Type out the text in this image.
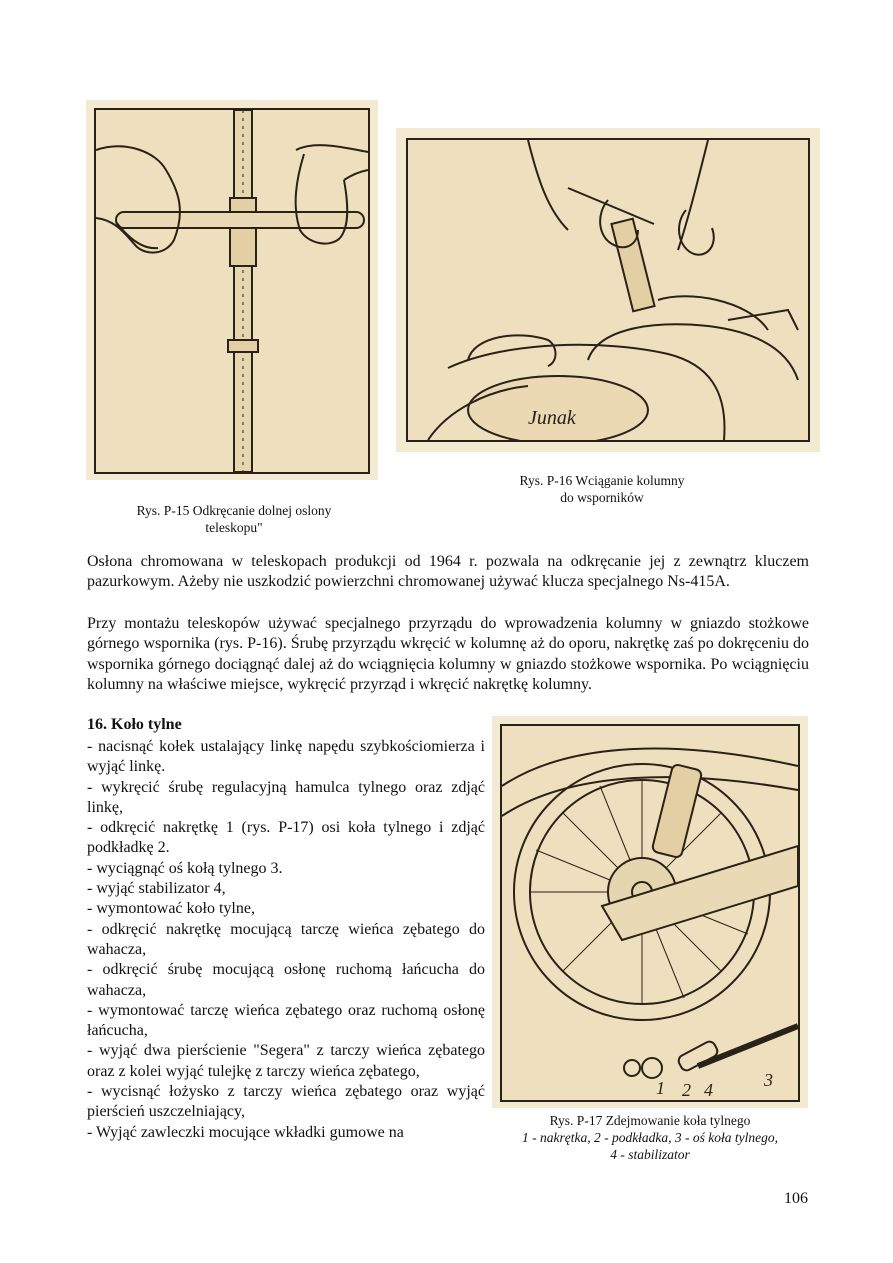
Rys. P-15 Odkręcanie dolnej oslony
teleskopu"
Junak
Rys. P-16 Wciąganie kolumny
do wsporników

Osłona chromowana w teleskopach produkcji od 1964 r. pozwala na odkręcanie jej z zewnątrz kluczem pazurkowym. Ażeby nie uszkodzić powierzchni chromowanej używać klucza specjalnego Ns-415A.

Przy montażu teleskopów używać specjalnego przyrządu do wprowadzenia kolumny w gniazdo stożkowe górnego wspornika (rys. P-16). Śrubę przyrządu wkręcić w kolumnę aż do oporu, nakrętkę zaś po dokręceniu do wspornika górnego dociągnąć dalej aż do wciągnięcia kolumny w gniazdo stożkowe wspornika. Po wciągnięciu kolumny na właściwe miejsce, wykręcić przyrząd i wkręcić nakrętkę kolumny.

16. Koło tylne
- nacisnąć kołek ustalający linkę napędu szybkościomierza i wyjąć linkę.
- wykręcić śrubę regulacyjną hamulca tylnego oraz zdjąć linkę,
- odkręcić nakrętkę 1 (rys. P-17) osi koła tylnego i zdjąć podkładkę 2.
- wyciągnąć oś kołą tylnego 3.
- wyjąć stabilizator 4,
- wymontować koło tylne,
- odkręcić nakrętkę mocującą tarczę wieńca zębatego do wahacza,
- odkręcić śrubę mocującą osłonę ruchomą łańcucha do wahacza,
- wymontować tarczę wieńca zębatego oraz ruchomą osłonę łańcucha,
- wyjąć dwa pierścienie "Segera" z tarczy wieńca zębatego oraz z kolei wyjąć tulejkę z tarczy wieńca zębatego,
- wycisnąć łożysko z tarczy wieńca zębatego oraz wyjąć pierścień uszczelniający,
- Wyjąć zawleczki mocujące wkładki gumowe na
1 2 4	3
Rys. P-17 Zdejmowanie koła tylnego
1 - nakrętka, 2 - podkładka, 3 - oś koła tylnego,
4 - stabilizator
106
